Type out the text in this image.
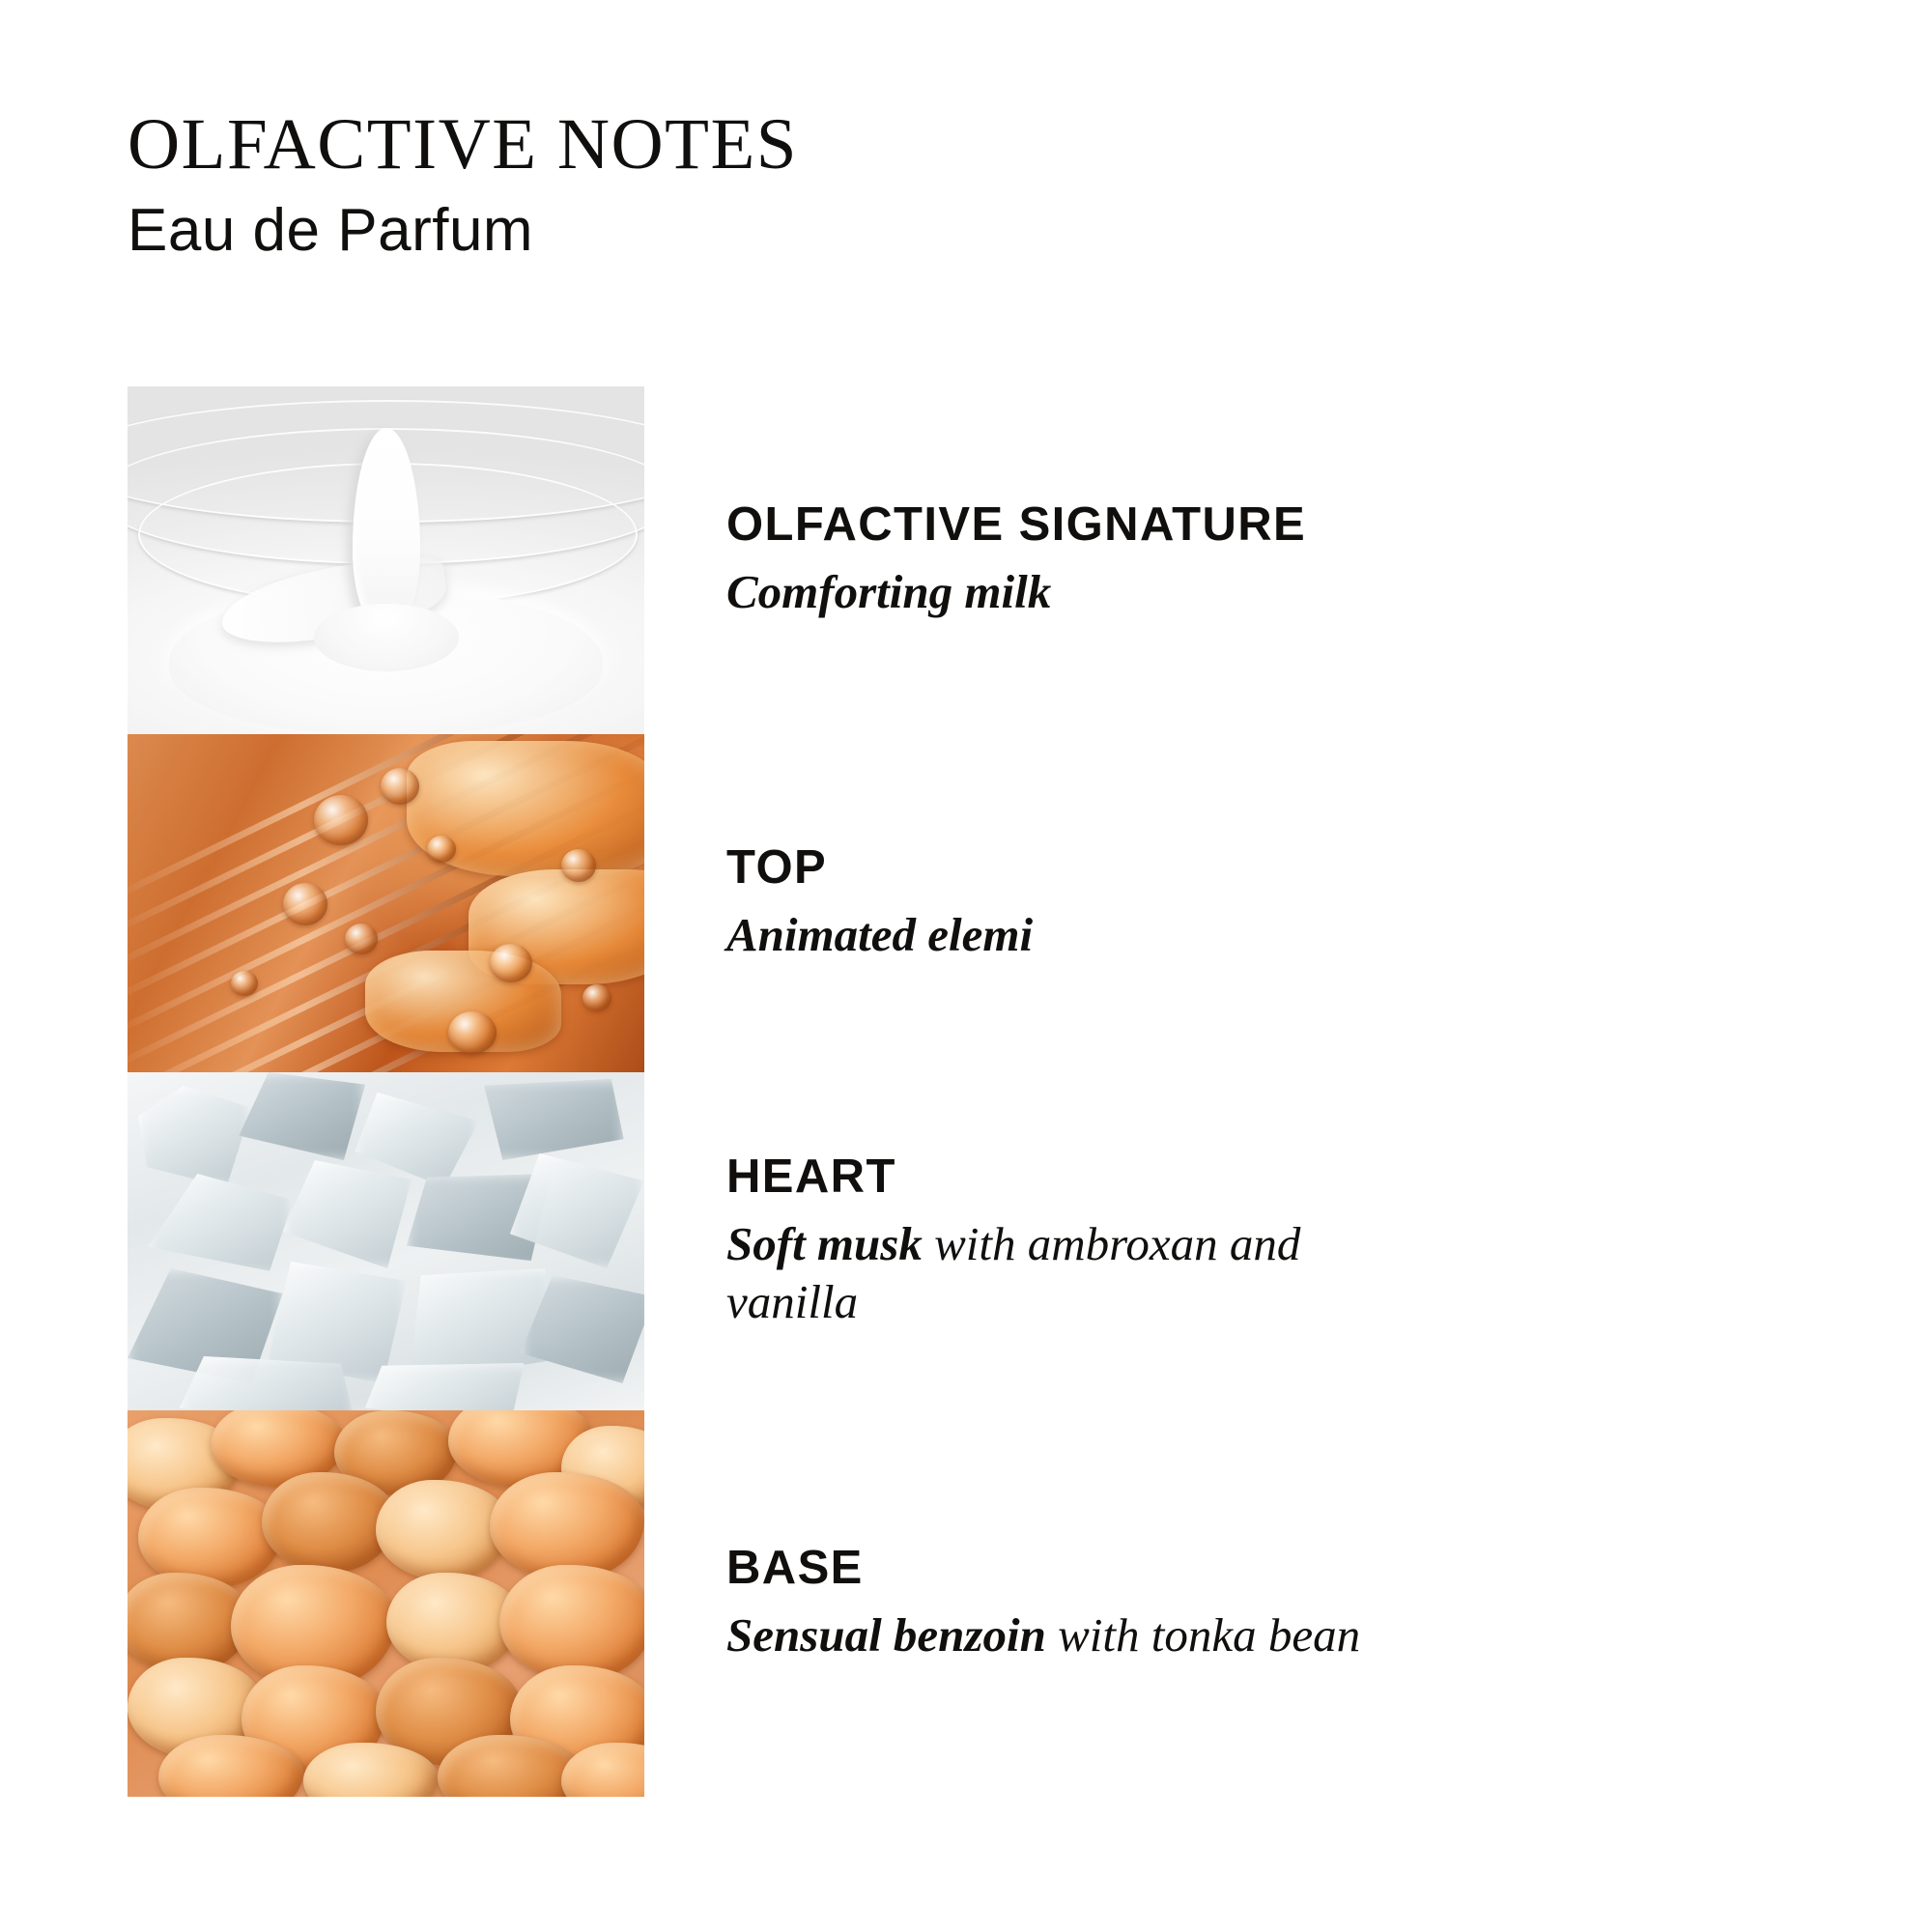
OLFACTIVE NOTES

Eau de Parfum

OLFACTIVE SIGNATURE
Comforting milk
TOP
Animated elemi
HEART
Soft musk with ambroxan and vanilla
BASE
Sensual benzoin with tonka bean
